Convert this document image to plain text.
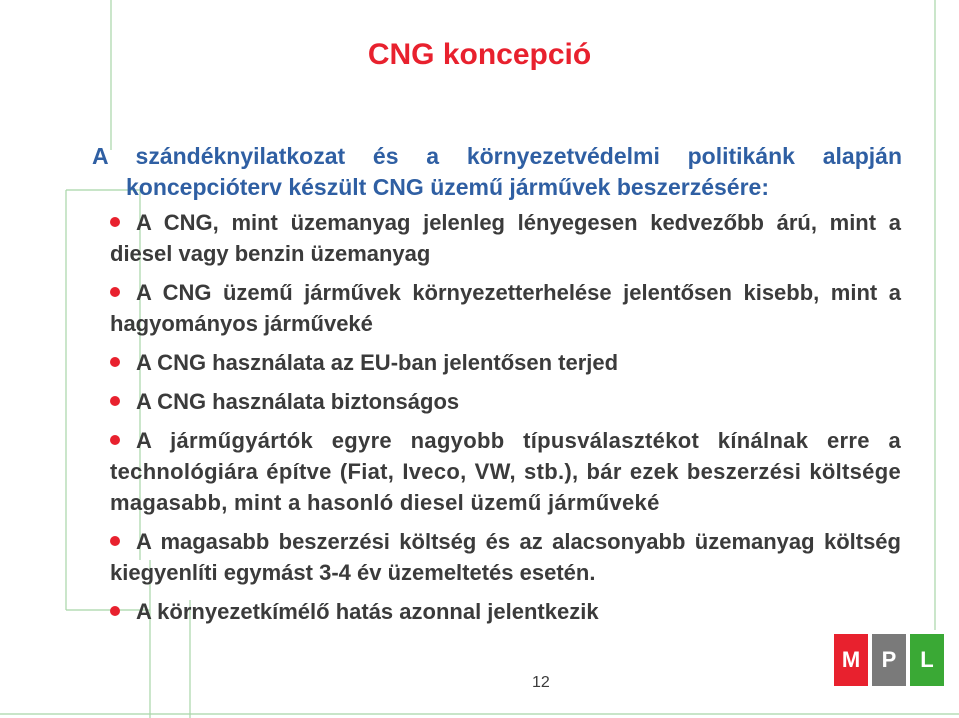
CNG koncepció
A szándéknyilatkozat és a környezetvédelmi politikánk alapján
koncepcióterv készült CNG üzemű járművek beszerzésére:
A CNG, mint üzemanyag jelenleg lényegesen kedvezőbb árú, mint a diesel vagy benzin üzemanyag
A CNG üzemű járművek környezetterhelése jelentősen kisebb, mint a hagyományos járműveké
A CNG használata az EU-ban jelentősen terjed
A CNG használata biztonságos
A járműgyártók egyre nagyobb típusválasztékot kínálnak erre a technológiára építve (Fiat, Iveco, VW, stb.), bár ezek beszerzési költsége magasabb, mint a hasonló diesel üzemű járműveké
A magasabb beszerzési költség és az alacsonyabb üzemanyag költség kiegyenlíti egymást 3-4 év üzemeltetés esetén.
A környezetkímélő hatás azonnal jelentkezik
12
M P	L
